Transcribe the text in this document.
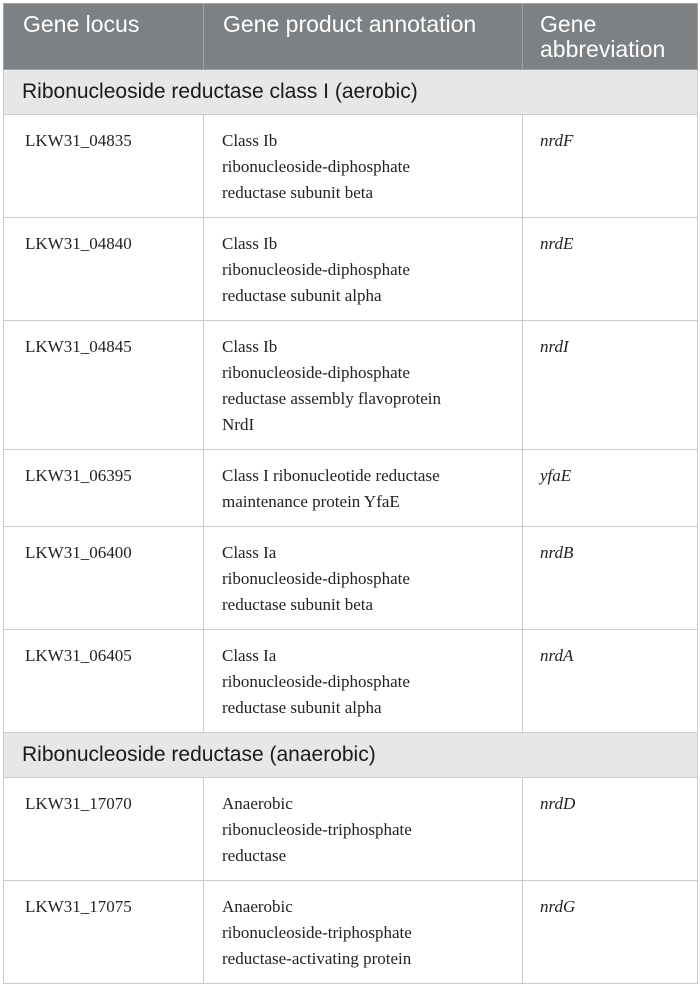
Gene locus	Gene product annotation	Gene abbreviation
Ribonucleoside reductase class I (aerobic)		
LKW31_04835	Class Ib
ribonucleoside-diphosphate
reductase subunit beta	nrdF
LKW31_04840	Class Ib
ribonucleoside-diphosphate
reductase subunit alpha	nrdE
LKW31_04845	Class Ib
ribonucleoside-diphosphate
reductase assembly flavoprotein
NrdI	nrdI
LKW31_06395	Class I ribonucleotide reductase
maintenance protein YfaE	yfaE
LKW31_06400	Class Ia
ribonucleoside-diphosphate
reductase subunit beta	nrdB
LKW31_06405	Class Ia
ribonucleoside-diphosphate
reductase subunit alpha	nrdA
Ribonucleoside reductase (anaerobic)		
LKW31_17070	Anaerobic
ribonucleoside-triphosphate
reductase	nrdD
LKW31_17075	Anaerobic
ribonucleoside-triphosphate
reductase-activating protein	nrdG
